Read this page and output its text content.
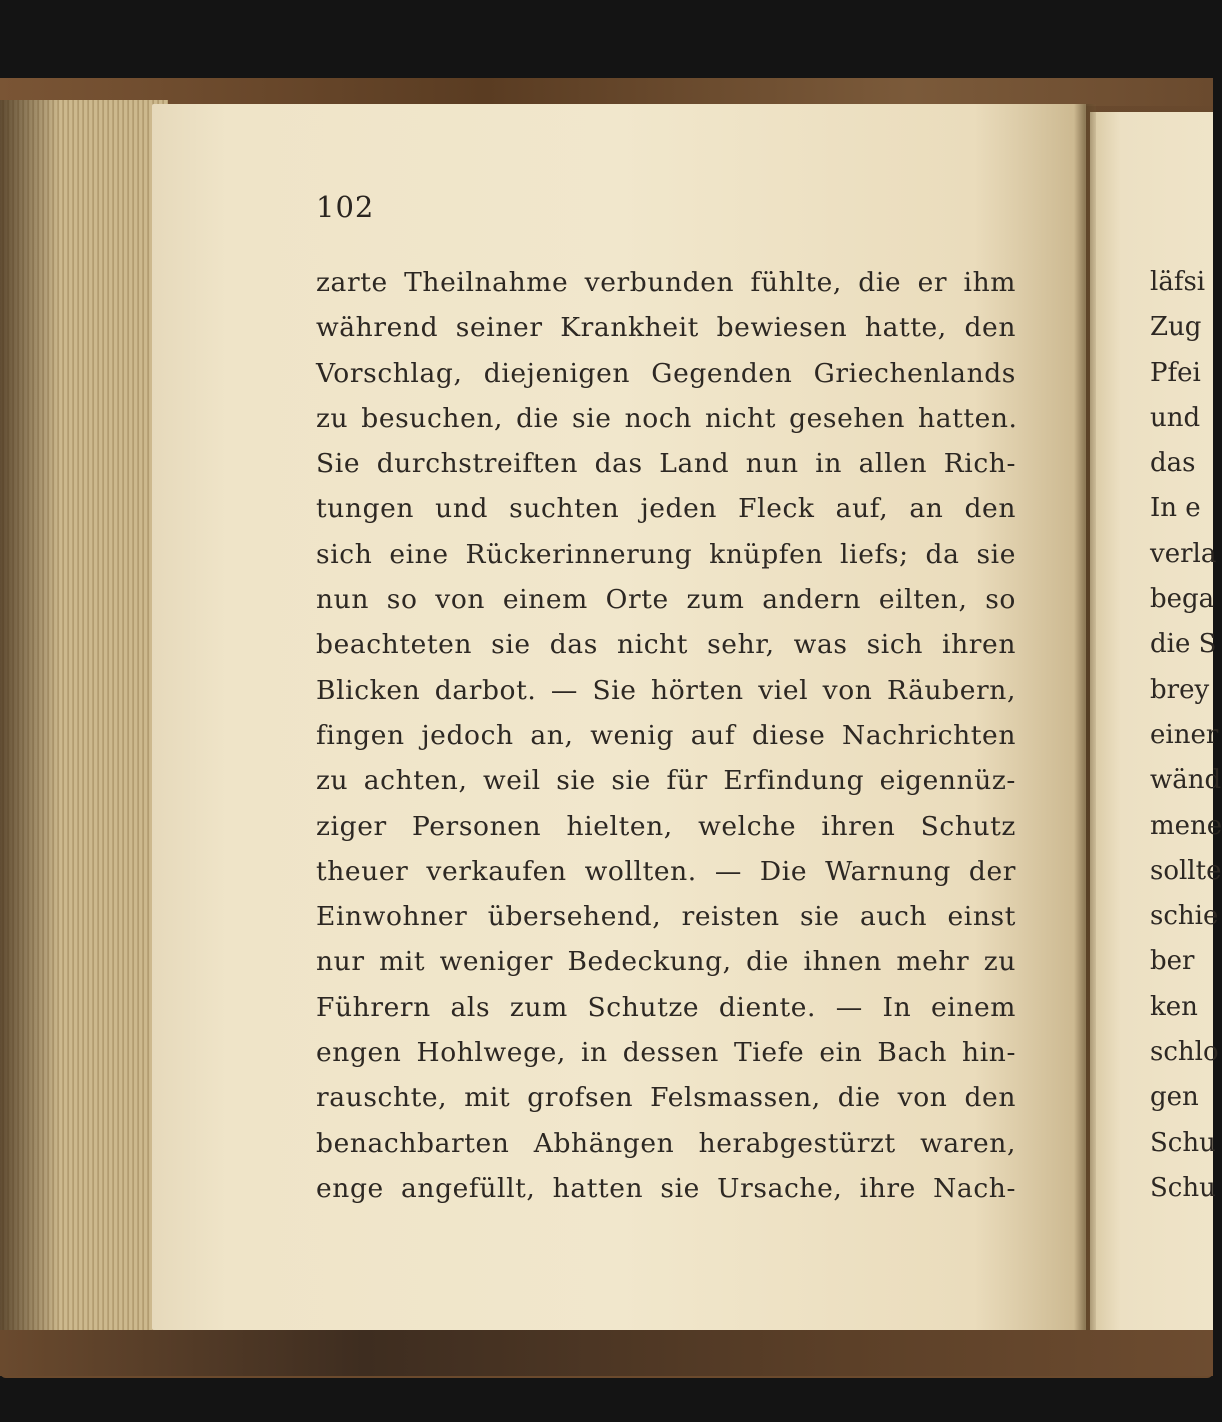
102
zarte Theilnahme verbunden fühlte, die er ihm
während seiner Krankheit bewiesen hatte, den
Vorschlag, diejenigen Gegenden Griechenlands
zu besuchen, die sie noch nicht gesehen hatten.
Sie durchstreiften das Land nun in allen Rich-
tungen und suchten jeden Fleck auf, an den
sich eine Rückerinnerung knüpfen liefs; da sie
nun so von einem Orte zum andern eilten, so
beachteten sie das nicht sehr, was sich ihren
Blicken darbot. — Sie hörten viel von Räubern,
fingen jedoch an, wenig auf diese Nachrichten
zu achten, weil sie sie für Erfindung eigennüz-
ziger Personen hielten, welche ihren Schutz
theuer verkaufen wollten. — Die Warnung der
Einwohner übersehend, reisten sie auch einst
nur mit weniger Bedeckung, die ihnen mehr zu
Führern als zum Schutze diente. — In einem
engen Hohlwege, in dessen Tiefe ein Bach hin-
rauschte, mit grofsen Felsmassen, die von den
benachbarten Abhängen herabgestürzt waren,
enge angefüllt, hatten sie Ursache, ihre Nach-
läfsi
Zug
Pfei
und
das
In e
verla
bega
die S
brey
einer
wänd
mene
sollte
schie
ber
ken
schlo
gen
Schu
Schu
